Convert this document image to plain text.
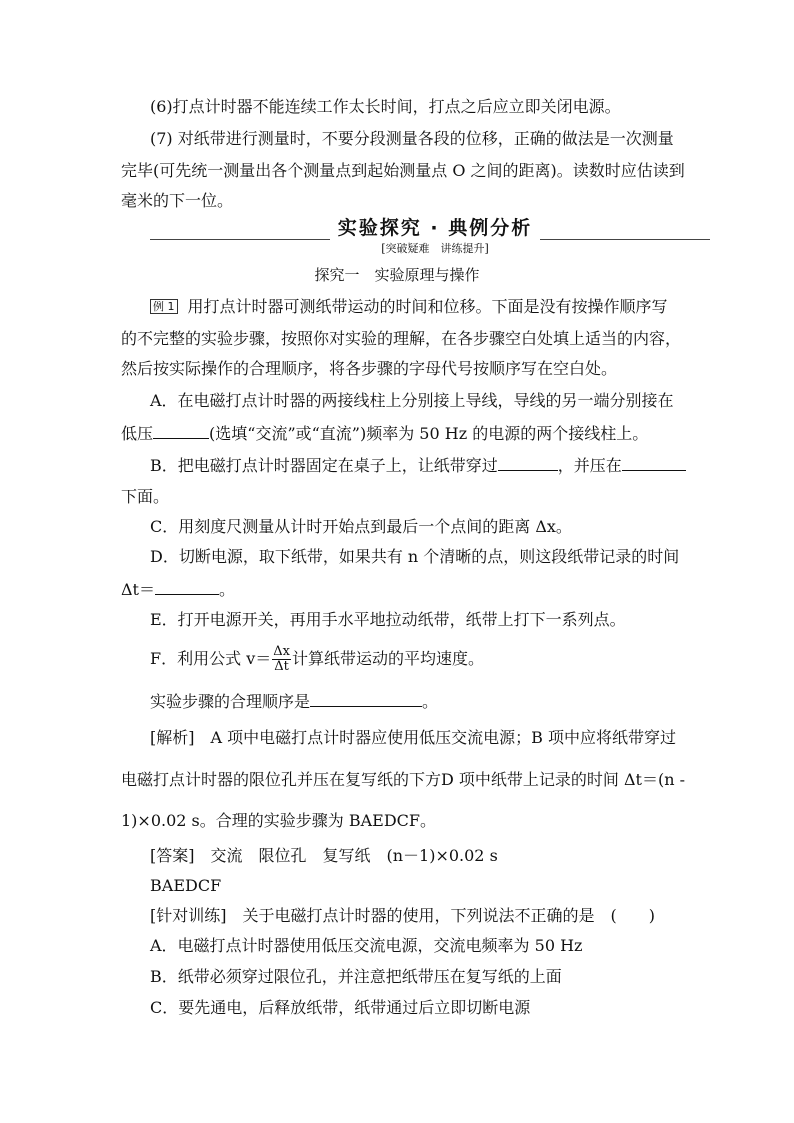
(6)打点计时器不能连续工作太长时间，打点之后应立即关闭电源。
(7) 对纸带进行测量时，不要分段测量各段的位移，正确的做法是一次测量
完毕(可先统一测量出各个测量点到起始测量点 O 之间的距离)。读数时应估读到
毫米的下一位。
实验探究 · 典例分析
[突破疑难　讲练提升]
探究一　实验原理与操作
例 1 用打点计时器可测纸带运动的时间和位移。下面是没有按操作顺序写
的不完整的实验步骤，按照你对实验的理解，在各步骤空白处填上适当的内容，
然后按实际操作的合理顺序，将各步骤的字母代号按顺序写在空白处。
A．在电磁打点计时器的两接线柱上分别接上导线，导线的另一端分别接在
低压	(选填“交流”或“直流”)频率为 50 Hz 的电源的两个接线柱上。
B．把电磁打点计时器固定在桌子上，让纸带穿过	，并压在
下面。
C．用刻度尺测量从计时开始点到最后一个点间的距离 Δx。
D．切断电源，取下纸带，如果共有 n 个清晰的点，则这段纸带记录的时间
Δt＝	。
E．打开电源开关，再用手水平地拉动纸带，纸带上打下一系列点。
F．利用公式 $v= \frac{\Delta x}{\Delta t}$ 计算纸带运动的平均速度。
实验步骤的合理顺序是	。
[解析]　A 项中电磁打点计时器应使用低压交流电源；B 项中应将纸带穿过
电磁打点计时器的限位孔并压在复写纸的下方D 项中纸带上记录的时间 Δt＝(n -
1)×0.02 s。合理的实验步骤为 BAEDCF。
[答案]　交流　限位孔　复写纸　(n－1)×0.02 s
BAEDCF
[针对训练]　关于电磁打点计时器的使用，下列说法不正确的是　(　　)
A．电磁打点计时器使用低压交流电源，交流电频率为 50 Hz
B．纸带必须穿过限位孔，并注意把纸带压在复写纸的上面
C．要先通电，后释放纸带，纸带通过后立即切断电源
